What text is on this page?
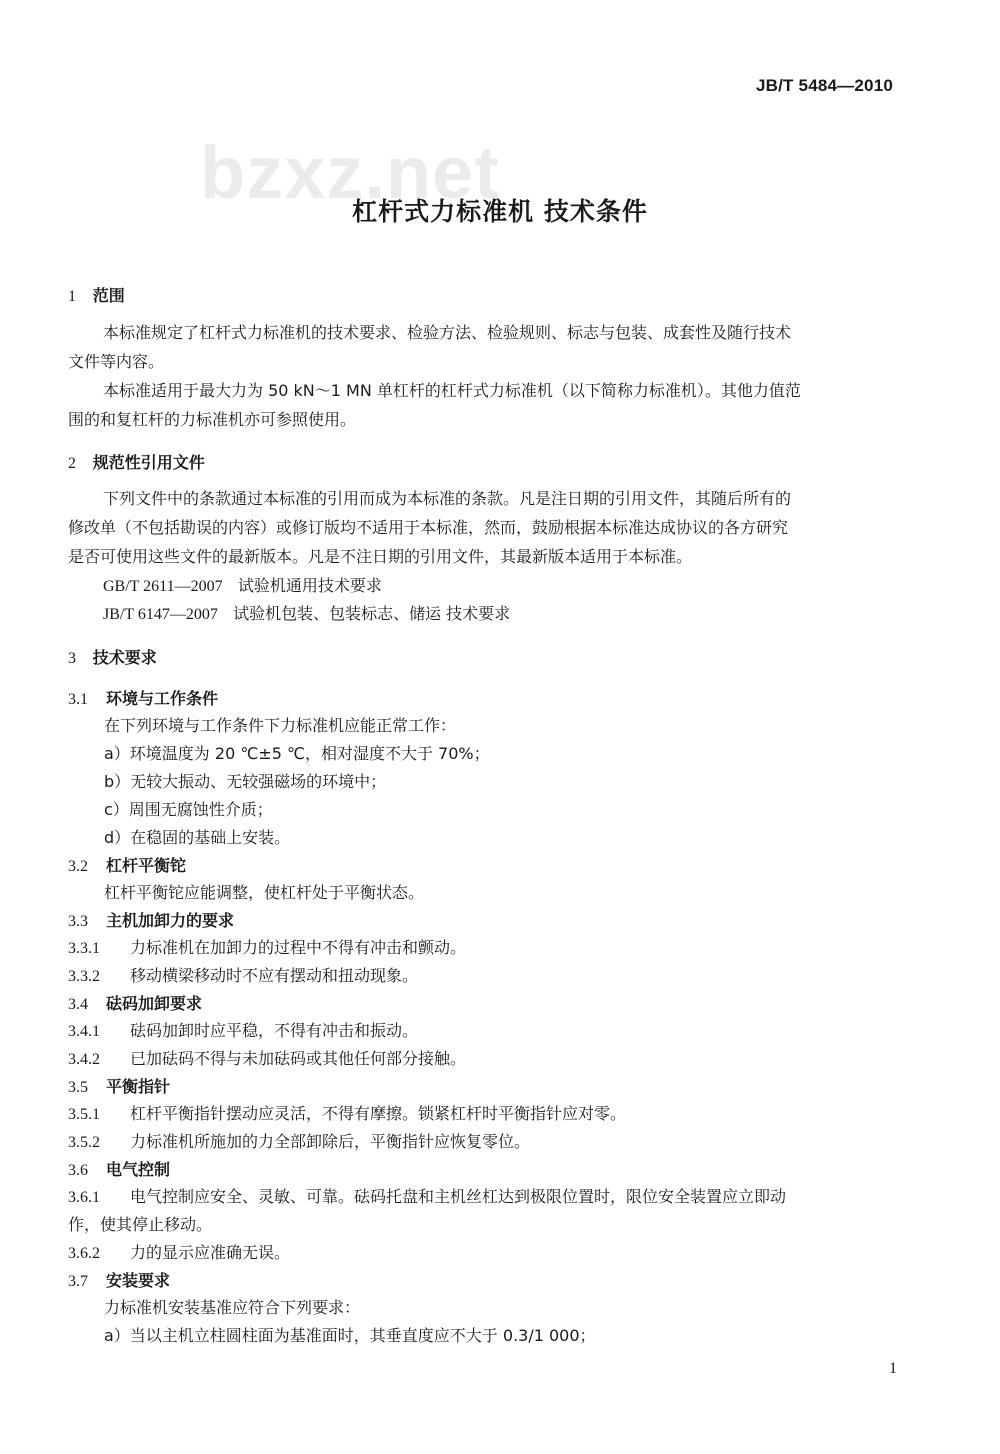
JB/T 5484—2010
bzxz.net
杠杆式力标准机 技术条件
1 范围
本标准规定了杠杆式力标准机的技术要求、检验方法、检验规则、标志与包装、成套性及随行技术
文件等内容。
本标准适用于最大力为 50 kN～1 MN 单杠杆的杠杆式力标准机（以下简称力标准机）。其他力值范
围的和复杠杆的力标准机亦可参照使用。
2 规范性引用文件
下列文件中的条款通过本标准的引用而成为本标准的条款。凡是注日期的引用文件，其随后所有的
修改单（不包括勘误的内容）或修订版均不适用于本标准，然而，鼓励根据本标准达成协议的各方研究
是否可使用这些文件的最新版本。凡是不注日期的引用文件，其最新版本适用于本标准。
GB/T 2611—2007 试验机通用技术要求
JB/T 6147—2007 试验机包装、包装标志、储运 技术要求
3 技术要求
3.1 环境与工作条件
在下列环境与工作条件下力标准机应能正常工作：
a）环境温度为 20 ℃±5 ℃，相对湿度不大于 70%；
b）无较大振动、无较强磁场的环境中；
c）周围无腐蚀性介质；
d）在稳固的基础上安装。
3.2 杠杆平衡铊
杠杆平衡铊应能调整，使杠杆处于平衡状态。
3.3 主机加卸力的要求
3.3.1 力标准机在加卸力的过程中不得有冲击和颤动。
3.3.2 移动横梁移动时不应有摆动和扭动现象。
3.4 砝码加卸要求
3.4.1 砝码加卸时应平稳，不得有冲击和振动。
3.4.2 已加砝码不得与未加砝码或其他任何部分接触。
3.5 平衡指针
3.5.1 杠杆平衡指针摆动应灵活，不得有摩擦。锁紧杠杆时平衡指针应对零。
3.5.2 力标准机所施加的力全部卸除后，平衡指针应恢复零位。
3.6 电气控制
3.6.1 电气控制应安全、灵敏、可靠。砝码托盘和主机丝杠达到极限位置时，限位安全装置应立即动
作，使其停止移动。
3.6.2 力的显示应准确无误。
3.7 安装要求
力标准机安装基准应符合下列要求：
a）当以主机立柱圆柱面为基准面时，其垂直度应不大于 0.3/1 000；
1
